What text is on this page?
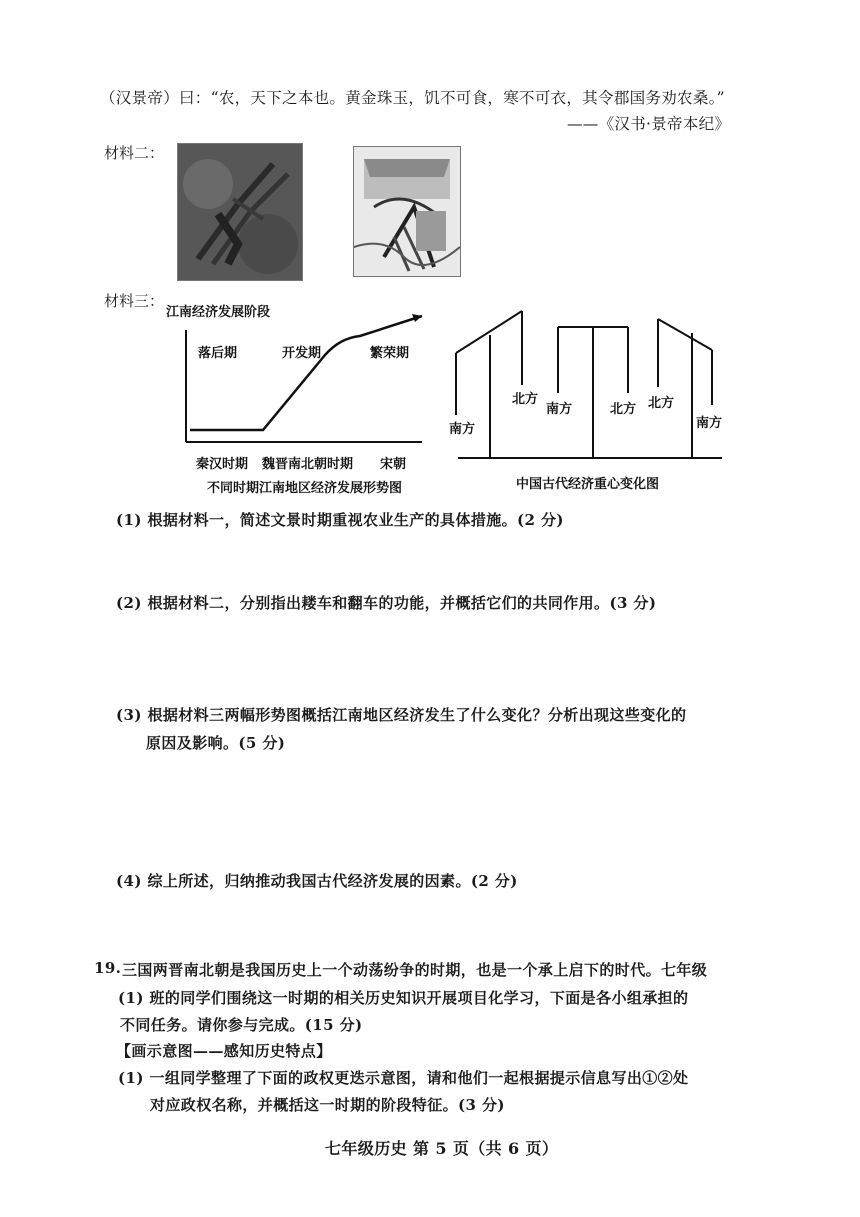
（汉景帝）曰：“农，天下之本也。黄金珠玉，饥不可食，寒不可衣，其令郡国务劝农桑。”
——《汉书·景帝本纪》
材料二：
材料三：
江南经济发展阶段
落后期	开发期	繁荣期
秦汉时期 魏晋南北朝时期 宋朝
不同时期江南地区经济发展形势图
南方
北方
南方	北方 北方
南方
中国古代经济重心变化图
(1) 根据材料一，简述文景时期重视农业生产的具体措施。(2 分)
(2) 根据材料二，分别指出耧车和翻车的功能，并概括它们的共同作用。(3 分)
(3) 根据材料三两幅形势图概括江南地区经济发生了什么变化？分析出现这些变化的
原因及影响。(5 分)
(4) 综上所述，归纳推动我国古代经济发展的因素。(2 分)
19. 三国两晋南北朝是我国历史上一个动荡纷争的时期，也是一个承上启下的时代。七年级
(1) 班的同学们围绕这一时期的相关历史知识开展项目化学习，下面是各小组承担的
不同任务。请你参与完成。(15 分)
【画示意图——感知历史特点】
(1) 一组同学整理了下面的政权更迭示意图，请和他们一起根据提示信息写出①②处
对应政权名称，并概括这一时期的阶段特征。(3 分)
七年级历史 第 5 页（共 6 页）
